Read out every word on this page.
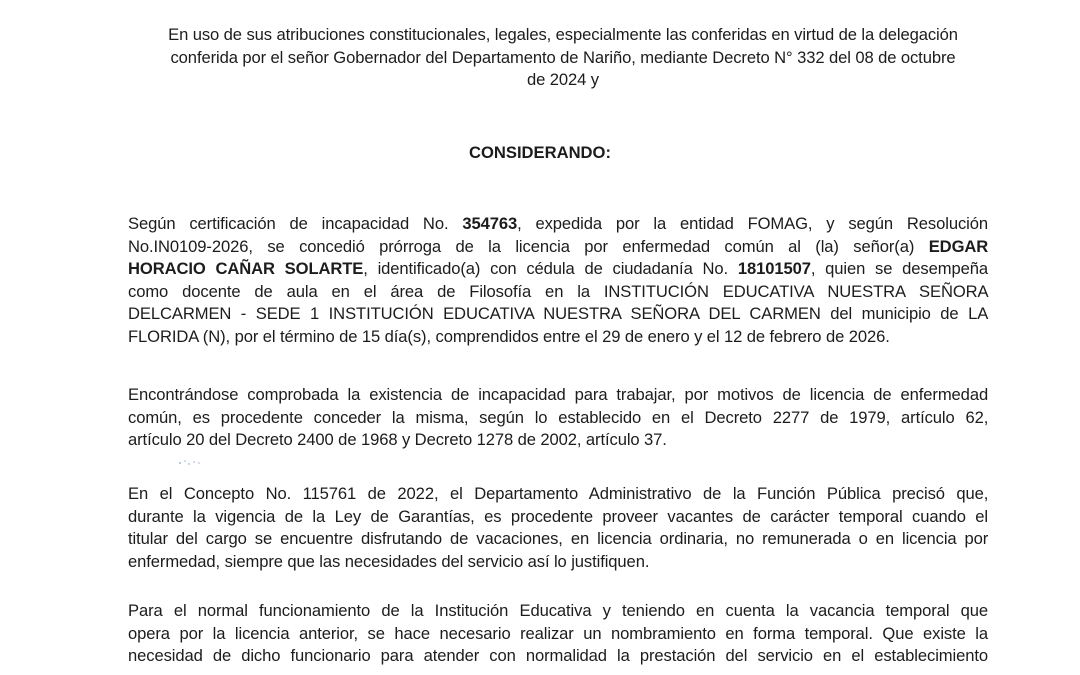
En uso de sus atribuciones constitucionales, legales, especialmente las conferidas en virtud de la delegación
conferida por el señor Gobernador del Departamento de Nariño, mediante Decreto N° 332 del 08 de octubre
de 2024 y

CONSIDERANDO:

Según certificación de incapacidad No. 354763, expedida por la entidad FOMAG, y según Resolución
No.IN0109-2026, se concedió prórroga de la licencia por enfermedad común al (la) señor(a) EDGAR
HORACIO CAÑAR SOLARTE, identificado(a) con cédula de ciudadanía No. 18101507, quien se desempeña
como docente de aula en el área de Filosofía en la INSTITUCIÓN EDUCATIVA NUESTRA SEÑORA
DELCARMEN - SEDE 1 INSTITUCIÓN EDUCATIVA NUESTRA SEÑORA DEL CARMEN del municipio de LA
FLORIDA (N), por el término de 15 día(s), comprendidos entre el 29 de enero y el 12 de febrero de 2026.

Encontrándose comprobada la existencia de incapacidad para trabajar, por motivos de licencia de enfermedad
común, es procedente conceder la misma, según lo establecido en el Decreto 2277 de 1979, artículo 62,
artículo 20 del Decreto 2400 de 1968 y Decreto 1278 de 2002, artículo 37.

En el Concepto No. 115761 de 2022, el Departamento Administrativo de la Función Pública precisó que,
durante la vigencia de la Ley de Garantías, es procedente proveer vacantes de carácter temporal cuando el
titular del cargo se encuentre disfrutando de vacaciones, en licencia ordinaria, no remunerada o en licencia por
enfermedad, siempre que las necesidades del servicio así lo justifiquen.

Para el normal funcionamiento de la Institución Educativa y teniendo en cuenta la vacancia temporal que
opera por la licencia anterior, se hace necesario realizar un nombramiento en forma temporal. Que existe la
necesidad de dicho funcionario para atender con normalidad la prestación del servicio en el establecimiento
